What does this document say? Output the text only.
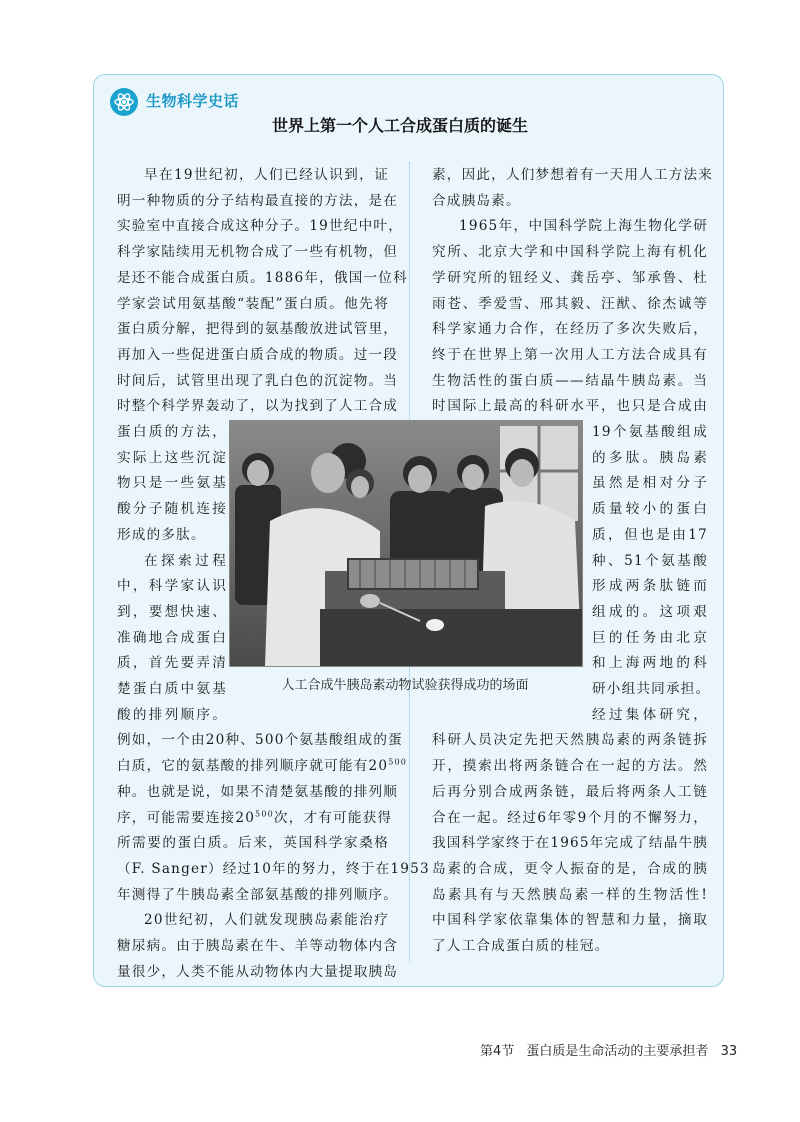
生物科学史话
世界上第一个人工合成蛋白质的诞生

早在19世纪初，人们已经认识到，证

明一种物质的分子结构最直接的方法，是在

实验室中直接合成这种分子。19世纪中叶，

科学家陆续用无机物合成了一些有机物，但

是还不能合成蛋白质。1886年，俄国一位科

学家尝试用氨基酸“装配”蛋白质。他先将

蛋白质分解，把得到的氨基酸放进试管里，

再加入一些促进蛋白质合成的物质。过一段

时间后，试管里出现了乳白色的沉淀物。当

时整个科学界轰动了，以为找到了人工合成

蛋白质的方法，

实际上这些沉淀

物只是一些氨基

酸分子随机连接

形成的多肽。

在探索过程

中，科学家认识

到，要想快速、

准确地合成蛋白

质，首先要弄清

楚蛋白质中氨基

酸的排列顺序。

例如，一个由20种、500个氨基酸组成的蛋

白质，它的氨基酸的排列顺序就可能有$20^{500}$

种。也就是说，如果不清楚氨基酸的排列顺

序，可能需要连接$20^{500}$次，才有可能获得

所需要的蛋白质。后来，英国科学家桑格

（F. Sanger）经过10年的努力，终于在1953

年测得了牛胰岛素全部氨基酸的排列顺序。

20世纪初，人们就发现胰岛素能治疗

糖尿病。由于胰岛素在牛、羊等动物体内含

量很少，人类不能从动物体内大量提取胰岛

素，因此，人们梦想着有一天用人工方法来

合成胰岛素。

1965年，中国科学院上海生物化学研

究所、北京大学和中国科学院上海有机化

学研究所的钮经义、龚岳亭、邹承鲁、杜

雨苍、季爱雪、邢其毅、汪猷、徐杰诚等

科学家通力合作，在经历了多次失败后，

终于在世界上第一次用人工方法合成具有

生物活性的蛋白质——结晶牛胰岛素。当

时国际上最高的科研水平，也只是合成由

19个氨基酸组成

的多肽。胰岛素

虽然是相对分子

质量较小的蛋白

质，但也是由17

种、51个氨基酸

形成两条肽链而

组成的。这项艰

巨的任务由北京

和上海两地的科

研小组共同承担。

经过集体研究，

科研人员决定先把天然胰岛素的两条链拆

开，摸索出将两条链合在一起的方法。然

后再分别合成两条链，最后将两条人工链

合在一起。经过6年零9个月的不懈努力，

我国科学家终于在1965年完成了结晶牛胰

岛素的合成，更令人振奋的是，合成的胰

岛素具有与天然胰岛素一样的生物活性!

中国科学家依靠集体的智慧和力量，摘取

了人工合成蛋白质的桂冠。

人工合成牛胰岛素动物试验获得成功的场面
第4节 蛋白质是生命活动的主要承担者 33
